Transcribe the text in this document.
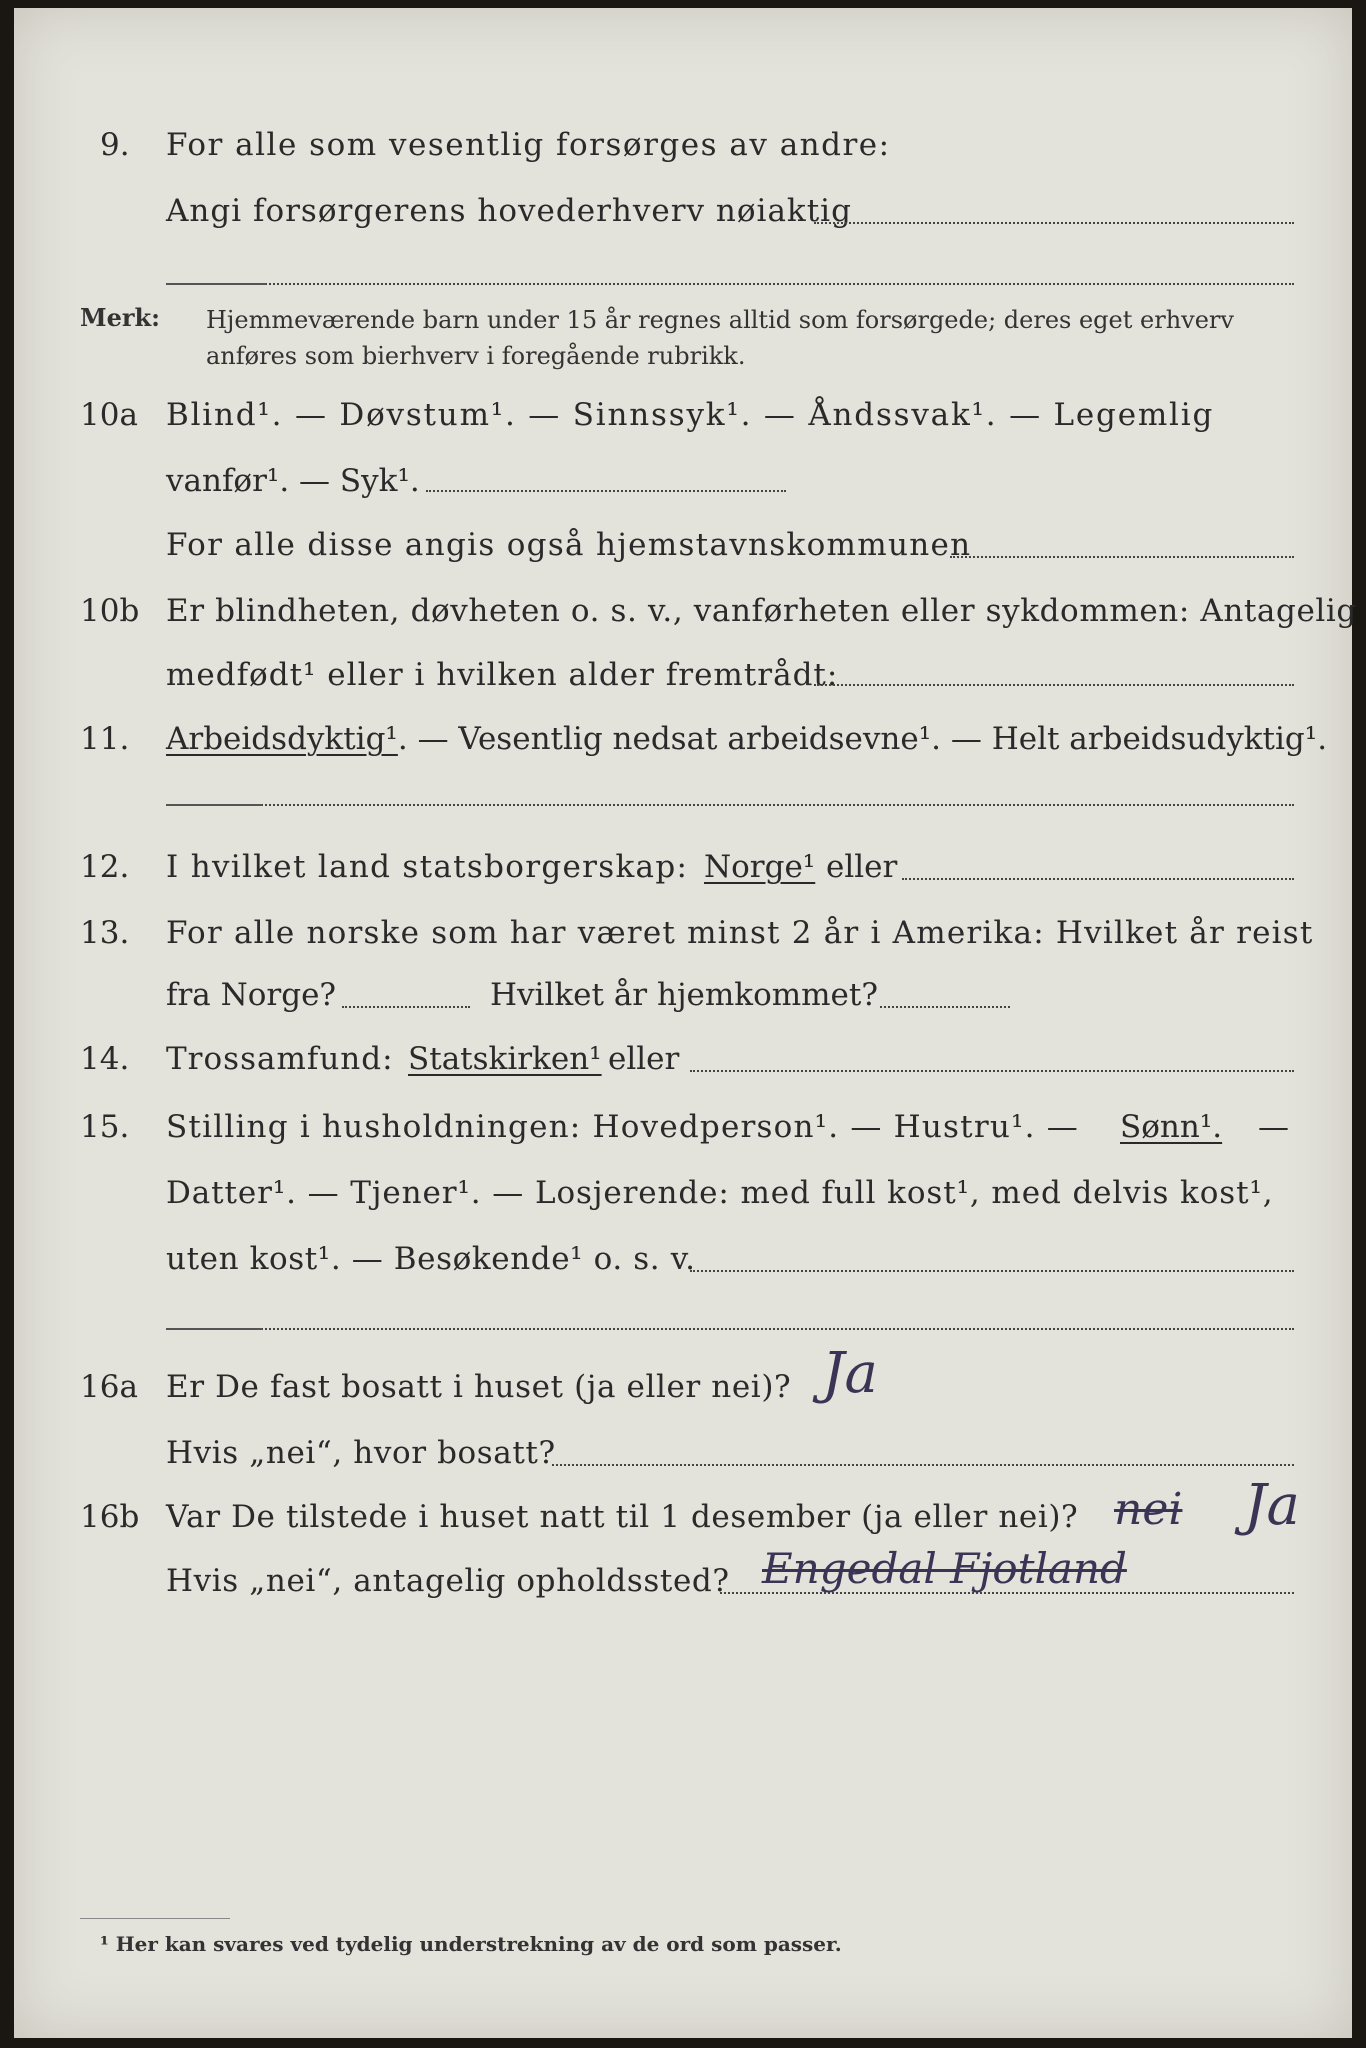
9. For alle som vesentlig forsørges av andre:
Angi forsørgerens hovederhverv nøiaktig
Merk: Hjemmeværende barn under 15 år regnes alltid som forsørgede; deres eget erhverv
anføres som bierhverv i foregående rubrikk.
10a Blind¹. — Døvstum¹. — Sinnssyk¹. — Åndssvak¹. — Legemlig
vanfør¹. — Syk¹.
For alle disse angis også hjemstavnskommunen
10b Er blindheten, døvheten o. s. v., vanførheten eller sykdommen: Antagelig
medfødt¹ eller i hvilken alder fremtrådt:
11. Arbeidsdyktig¹. — Vesentlig nedsat arbeidsevne¹. — Helt arbeidsudyktig¹.
12. I hvilket land statsborgerskap: Norge¹ eller
13. For alle norske som har været minst 2 år i Amerika: Hvilket år reist
fra Norge?	Hvilket år hjemkommet?
14. Trossamfund: Statskirken¹ eller
15. Stilling i husholdningen: Hovedperson¹. — Hustru¹. — Sønn¹. —
Datter¹. — Tjener¹. — Losjerende: med full kost¹, med delvis kost¹,
uten kost¹. — Besøkende¹ o. s. v.
16a Er De fast bosatt i huset (ja eller nei)? Ja
Hvis „nei“, hvor bosatt?
16b Var De tilstede i huset natt til 1 desember (ja eller nei)? nei Ja
Hvis „nei“, antagelig opholdssted? Engedal Fjotland
¹ Her kan svares ved tydelig understrekning av de ord som passer.
